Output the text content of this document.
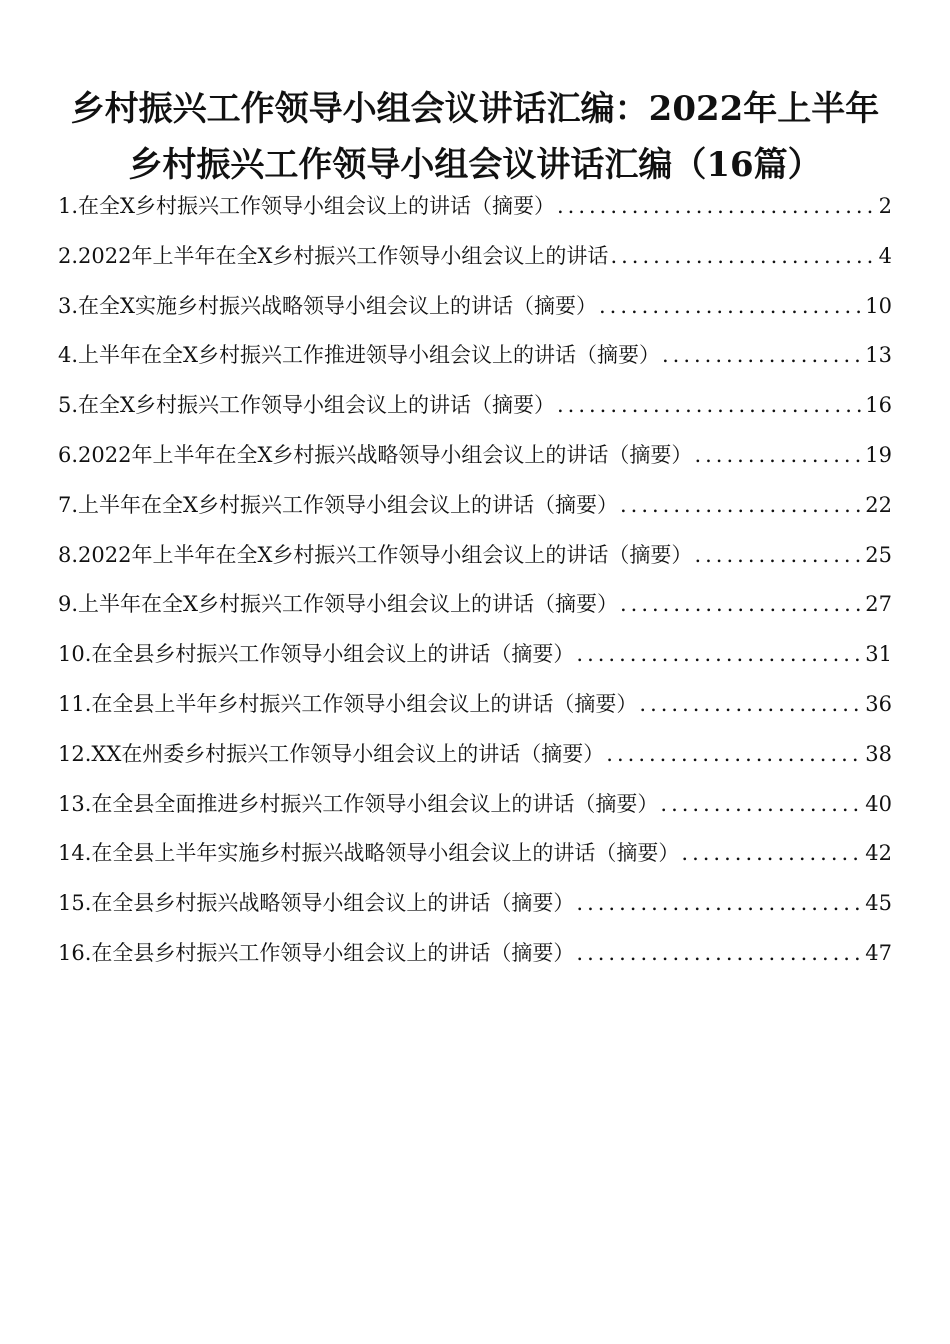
乡村振兴工作领导小组会议讲话汇编：2022年上半年
乡村振兴工作领导小组会议讲话汇编（16篇）
1.在全X乡村振兴工作领导小组会议上的讲话（摘要） .....	2
2.2022年上半年在全X乡村振兴工作领导小组会议上的讲话 .....	4
3.在全X实施乡村振兴战略领导小组会议上的讲话（摘要） .....	10
4.上半年在全X乡村振兴工作推进领导小组会议上的讲话（摘要） .....	13
5.在全X乡村振兴工作领导小组会议上的讲话（摘要） .....	16
6.2022年上半年在全X乡村振兴战略领导小组会议上的讲话（摘要） .....	19
7.上半年在全X乡村振兴工作领导小组会议上的讲话（摘要） .....	22
8.2022年上半年在全X乡村振兴工作领导小组会议上的讲话（摘要） .....	25
9.上半年在全X乡村振兴工作领导小组会议上的讲话（摘要） .....	27
10.在全县乡村振兴工作领导小组会议上的讲话（摘要） .....	31
11.在全县上半年乡村振兴工作领导小组会议上的讲话（摘要） .....	36
12.XX在州委乡村振兴工作领导小组会议上的讲话（摘要） .....	38
13.在全县全面推进乡村振兴工作领导小组会议上的讲话（摘要） .....	40
14.在全县上半年实施乡村振兴战略领导小组会议上的讲话（摘要） .....	42
15.在全县乡村振兴战略领导小组会议上的讲话（摘要） .....	45
16.在全县乡村振兴工作领导小组会议上的讲话（摘要） .....	47
